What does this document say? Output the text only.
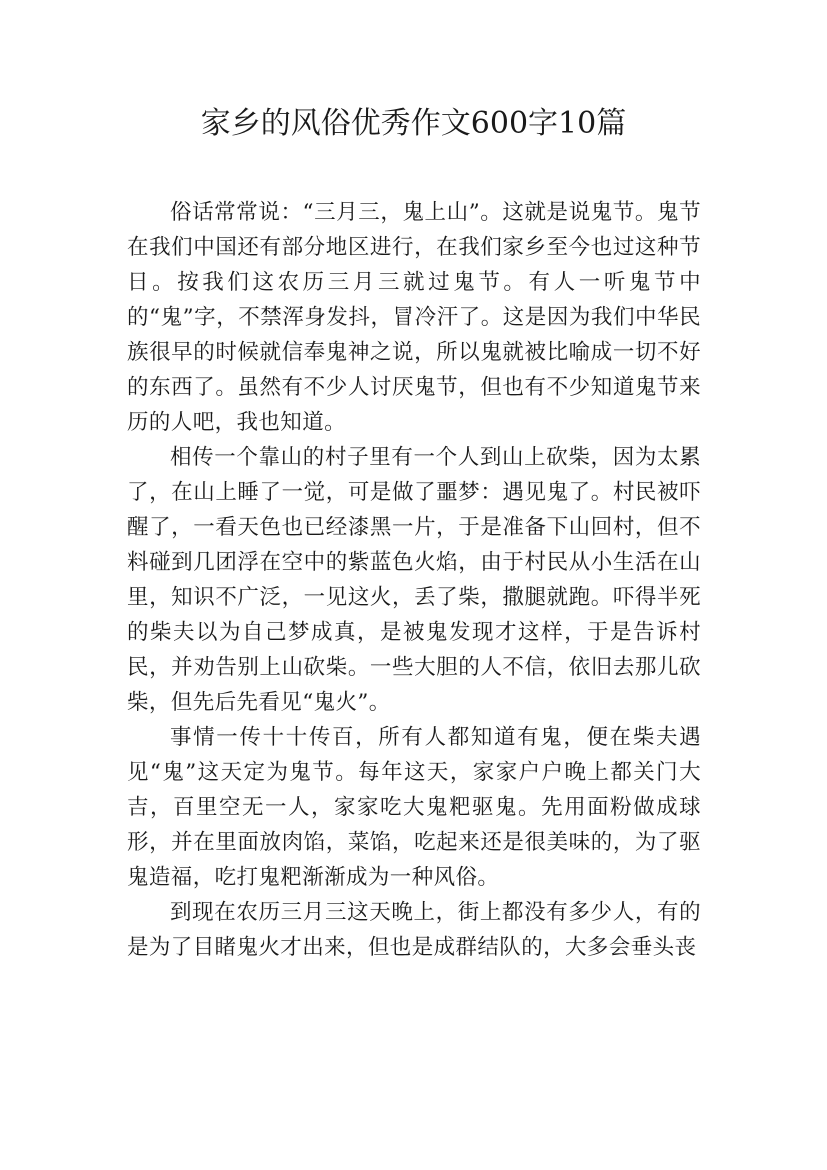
家乡的风俗优秀作文600字10篇

俗话常常说：“三月三，鬼上山”。这就是说鬼节。鬼节在我们中国还有部分地区进行，在我们家乡至今也过这种节日。按我们这农历三月三就过鬼节。有人一听鬼节中的“鬼”字，不禁浑身发抖，冒冷汗了。这是因为我们中华民族很早的时候就信奉鬼神之说，所以鬼就被比喻成一切不好的东西了。虽然有不少人讨厌鬼节，但也有不少知道鬼节来历的人吧，我也知道。

相传一个靠山的村子里有一个人到山上砍柴，因为太累了，在山上睡了一觉，可是做了噩梦：遇见鬼了。村民被吓醒了，一看天色也已经漆黑一片，于是准备下山回村，但不料碰到几团浮在空中的紫蓝色火焰，由于村民从小生活在山里，知识不广泛，一见这火，丢了柴，撒腿就跑。吓得半死的柴夫以为自己梦成真，是被鬼发现才这样，于是告诉村民，并劝告别上山砍柴。一些大胆的人不信，依旧去那儿砍柴，但先后先看见“鬼火”。

事情一传十十传百，所有人都知道有鬼，便在柴夫遇见“鬼”这天定为鬼节。每年这天，家家户户晚上都关门大吉，百里空无一人，家家吃大鬼粑驱鬼。先用面粉做成球形，并在里面放肉馅，菜馅，吃起来还是很美味的，为了驱鬼造福，吃打鬼粑渐渐成为一种风俗。

到现在农历三月三这天晚上，街上都没有多少人，有的是为了目睹鬼火才出来，但也是成群结队的，大多会垂头丧
